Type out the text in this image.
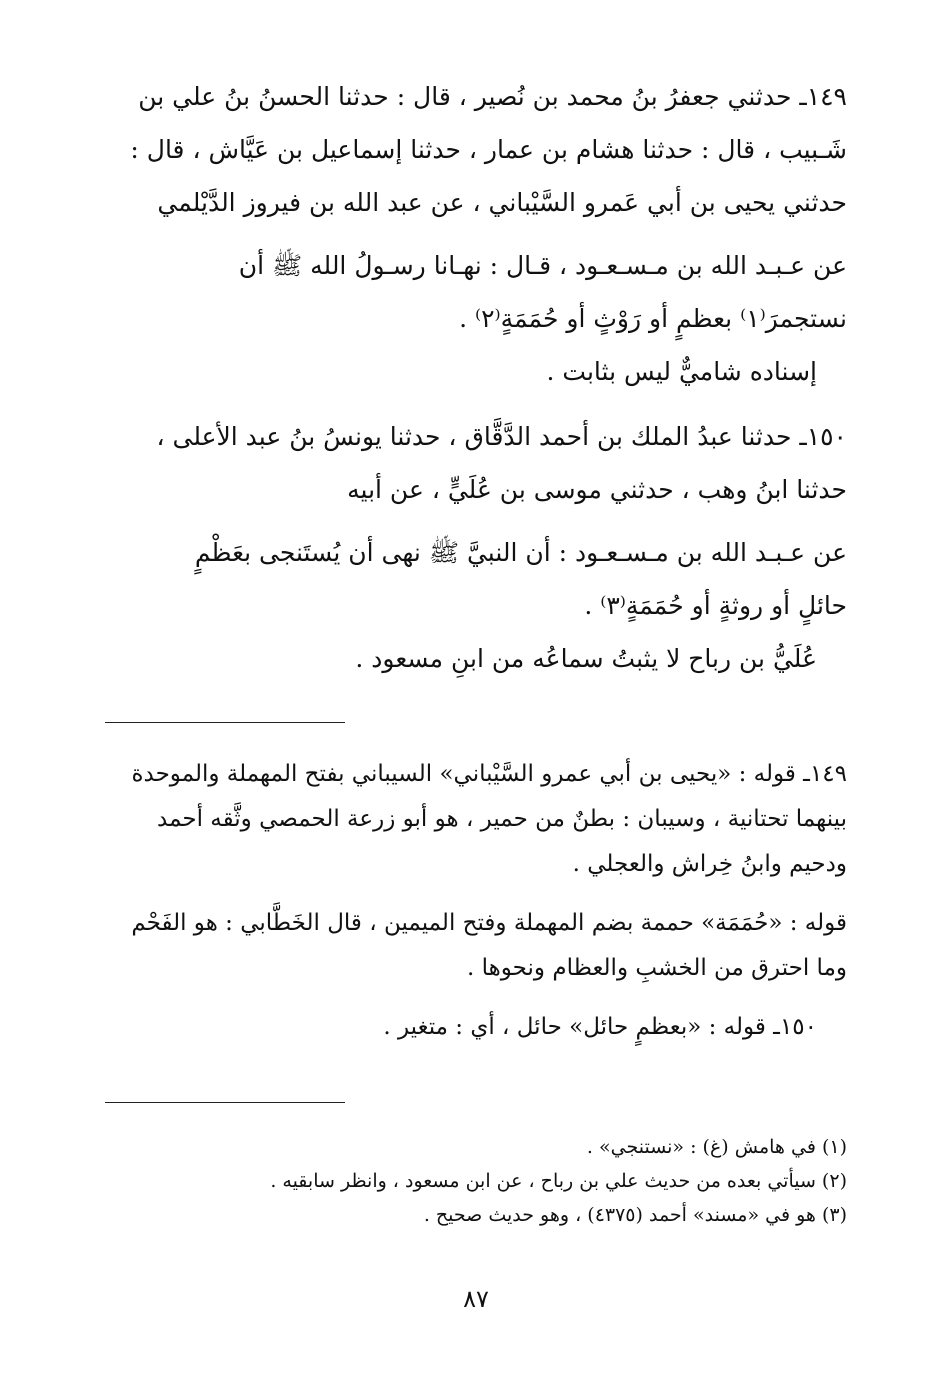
١٤٩ـ حدثني جعفرُ بنُ محمد بن نُصير ، قال : حدثنا الحسنُ بنُ علي بن

شَـبيب ، قال : حدثنا هشام بن عمار ، حدثنا إسماعيل بن عَيَّاش ، قال :

حدثني يحيى بن أبي عَمرو السَّيْباني ، عن عبد الله بن فيروز الدَّيْلمي

عن عـبـد الله بن مـسـعـود ، قـال : نهـانا رسـولُ الله ﷺ أن

نستجمرَ⁽١⁾ بعظمٍ أو رَوْثٍ أو حُمَمَةٍ⁽٢⁾ .

إسناده شاميٌّ ليس بثابت .

١٥٠ـ حدثنا عبدُ الملك بن أحمد الدَّقَّاق ، حدثنا يونسُ بنُ عبد الأعلى ،

حدثنا ابنُ وهب ، حدثني موسى بن عُلَيٍّ ، عن أبيه

عن عـبـد الله بن مـسـعـود : أن النبيَّ ﷺ نهى أن يُستَنجى بعَظْمٍ

حائلٍ أو روثةٍ أو حُمَمَةٍ⁽٣⁾ .

عُلَيُّ بن رباح لا يثبتُ سماعُه من ابنِ مسعود .

١٤٩ـ قوله : «يحيى بن أبي عمرو السَّيْباني» السيباني بفتح المهملة والموحدة

بينهما تحتانية ، وسيبان : بطنٌ من حمير ، هو أبو زرعة الحمصي وثَّقه أحمد

ودحيم وابنُ خِراش والعجلي .

قوله : «حُمَمَة» حممة بضم المهملة وفتح الميمين ، قال الخَطَّابي : هو الفَحْم

وما احترق من الخشبِ والعظام ونحوها .

١٥٠ـ قوله : «بعظمٍ حائل» حائل ، أي : متغير .

(١) في هامش (غ) : «نستنجي» .

(٢) سيأتي بعده من حديث علي بن رباح ، عن ابن مسعود ، وانظر سابقيه .

(٣) هو في «مسند» أحمد (٤٣٧٥) ، وهو حديث صحيح .

٨٧
